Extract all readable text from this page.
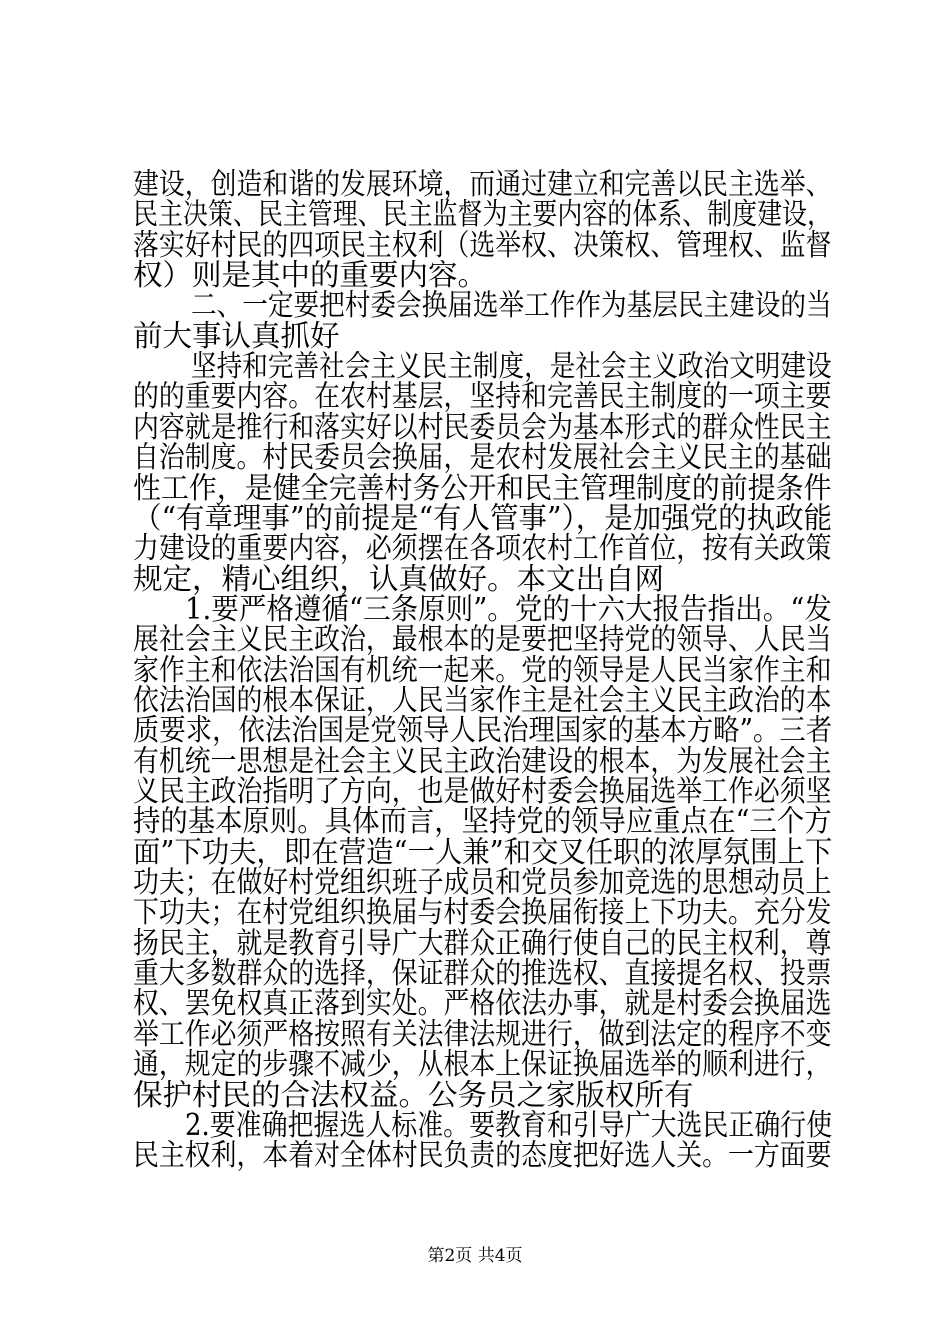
建设，创造和谐的发展环境，而通过建立和完善以民主选举、
民主决策、民主管理、民主监督为主要内容的体系、制度建设，
落实好村民的四项民主权利（选举权、决策权、管理权、监督
权）则是其中的重要内容。
二、一定要把村委会换届选举工作作为基层民主建设的当
前大事认真抓好
坚持和完善社会主义民主制度，是社会主义政治文明建设
的的重要内容。在农村基层，坚持和完善民主制度的一项主要
内容就是推行和落实好以村民委员会为基本形式的群众性民主
自治制度。村民委员会换届，是农村发展社会主义民主的基础
性工作，是健全完善村务公开和民主管理制度的前提条件
（“有章理事”的前提是“有人管事”），是加强党的执政能
力建设的重要内容，必须摆在各项农村工作首位，按有关政策
规定，精心组织，认真做好。本文出自网
1.要严格遵循“三条原则”。党的十六大报告指出。“发
展社会主义民主政治，最根本的是要把坚持党的领导、人民当
家作主和依法治国有机统一起来。党的领导是人民当家作主和
依法治国的根本保证，人民当家作主是社会主义民主政治的本
质要求，依法治国是党领导人民治理国家的基本方略”。三者
有机统一思想是社会主义民主政治建设的根本，为发展社会主
义民主政治指明了方向，也是做好村委会换届选举工作必须坚
持的基本原则。具体而言，坚持党的领导应重点在“三个方
面”下功夫，即在营造“一人兼”和交叉任职的浓厚氛围上下
功夫；在做好村党组织班子成员和党员参加竞选的思想动员上
下功夫；在村党组织换届与村委会换届衔接上下功夫。充分发
扬民主，就是教育引导广大群众正确行使自己的民主权利，尊
重大多数群众的选择，保证群众的推选权、直接提名权、投票
权、罢免权真正落到实处。严格依法办事，就是村委会换届选
举工作必须严格按照有关法律法规进行，做到法定的程序不变
通，规定的步骤不减少，从根本上保证换届选举的顺利进行，
保护村民的合法权益。公务员之家版权所有
2.要准确把握选人标准。要教育和引导广大选民正确行使
民主权利，本着对全体村民负责的态度把好选人关。一方面要
第2页 共4页
